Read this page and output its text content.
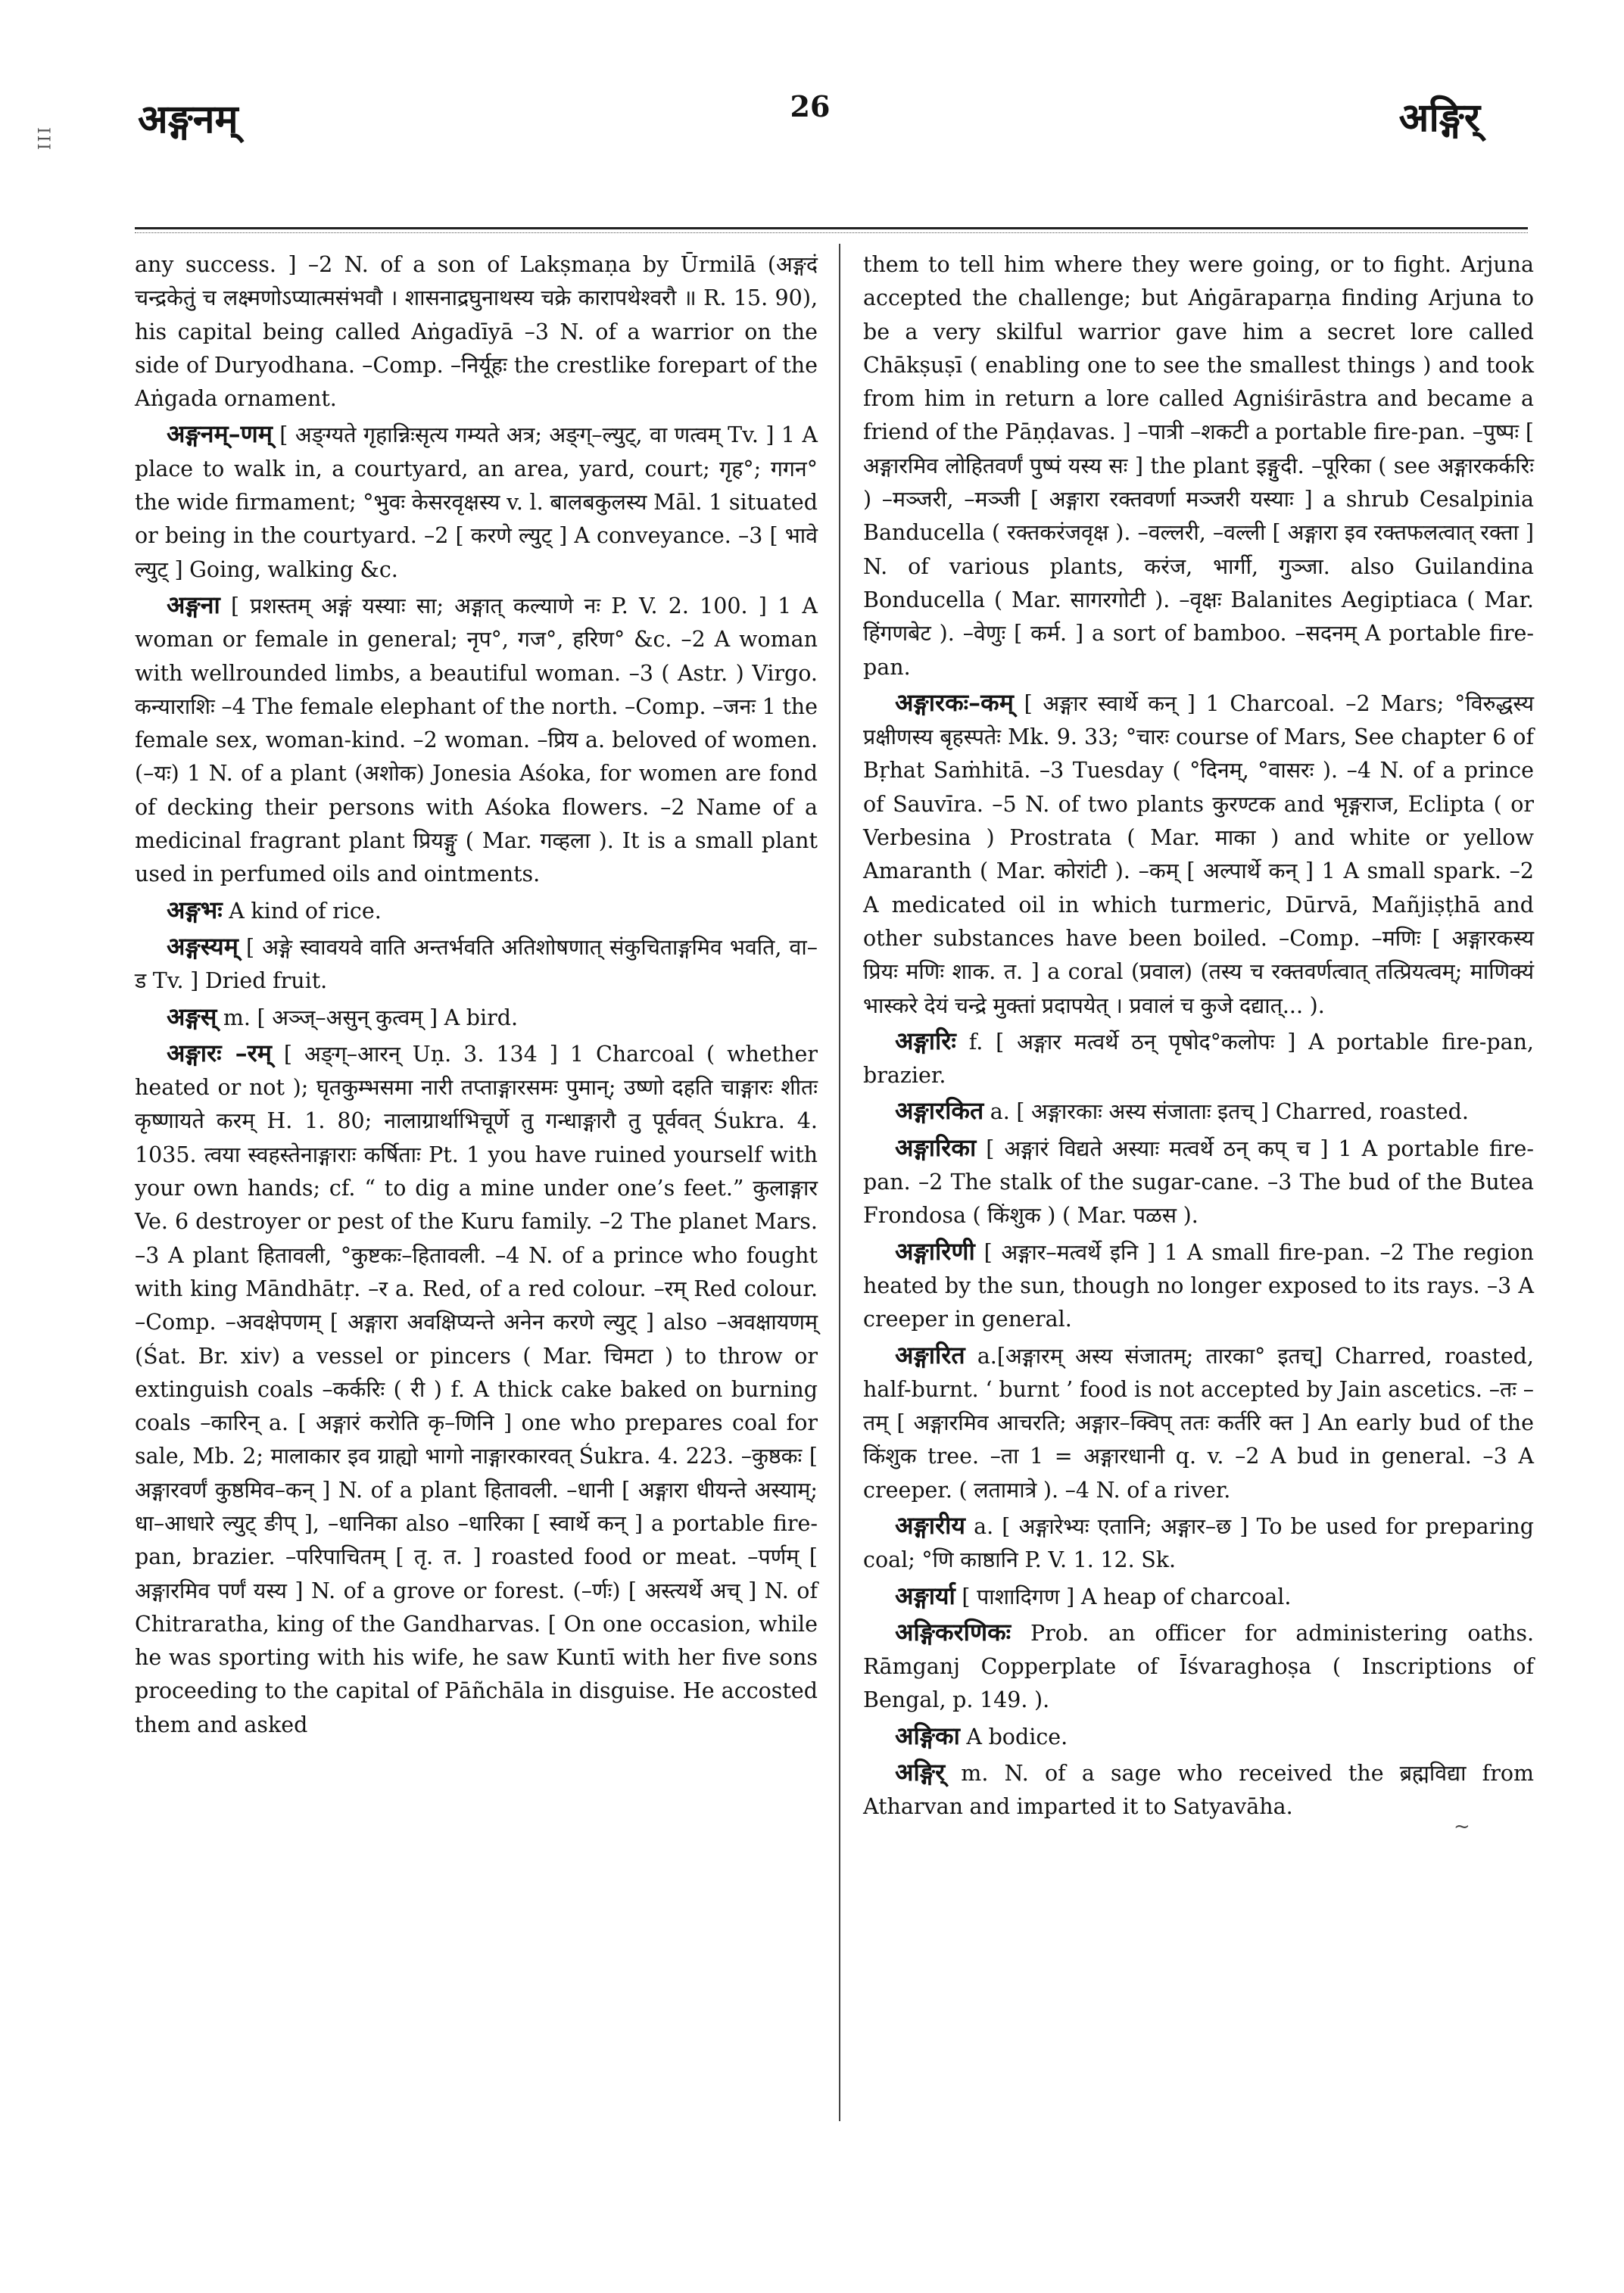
III अङ्गनम्	26	अङ्गिर्

any success. ] –2 N. of a son of Lakṣmaṇa by Ūrmilā (अङ्गदं चन्द्रकेतुं च लक्ष्मणोऽप्यात्मसंभवौ । शासनाद्रघुनाथस्य चक्रे कारापथेश्वरौ ॥ R. 15. 90), his capital being called Aṅgadīyā –3 N. of a warrior on the side of Duryodhana. –Comp. –निर्यूहः the crestlike forepart of the Aṅgada ornament.

अङ्गनम्–णम् [ अङ्ग्यते गृहान्निःसृत्य गम्यते अत्र; अङ्ग्–ल्युट्, वा णत्वम् Tv. ] 1 A place to walk in, a courtyard, an area, yard, court; गृह°; गगन° the wide firmament; °भुवः केसरवृक्षस्य v. l. बालबकुलस्य Māl. 1 situated or being in the courtyard. –2 [ करणे ल्युट् ] A conveyance. –3 [ भावे ल्युट् ] Going, walking &c.

अङ्गना [ प्रशस्तम् अङ्गं यस्याः सा; अङ्गात् कल्याणे नः P. V. 2. 100. ] 1 A woman or female in general; नृप°, गज°, हरिण° &c. –2 A woman with wellrounded limbs, a beautiful woman. –3 ( Astr. ) Virgo. कन्याराशिः –4 The female elephant of the north. –Comp. –जनः 1 the female sex, woman-kind. –2 woman. –प्रिय a. beloved of women. (–यः) 1 N. of a plant (अशोक) Jonesia Aśoka, for women are fond of decking their persons with Aśoka flowers. –2 Name of a medicinal fragrant plant प्रियङ्गु ( Mar. गव्हला ). It is a small plant used in perfumed oils and ointments.

अङ्गभः A kind of rice.

अङ्गस्यम् [ अङ्गे स्वावयवे वाति अन्तर्भवति अतिशोषणात् संकुचिताङ्गमिव भवति, वा–ड Tv. ] Dried fruit.

अङ्गस् m. [ अञ्ज्–असुन् कुत्वम् ] A bird.

अङ्गारः –रम् [ अङ्ग्–आरन् Uṇ. 3. 134 ] 1 Charcoal ( whether heated or not ); घृतकुम्भसमा नारी तप्ताङ्गारसमः पुमान्; उष्णो दहति चाङ्गारः शीतः कृष्णायते करम् H. 1. 80; नालाग्रार्थाभिचूर्णे तु गन्धाङ्गारौ तु पूर्ववत् Śukra. 4. 1035. त्वया स्वहस्तेनाङ्गाराः कर्षिताः Pt. 1 you have ruined yourself with your own hands; cf. “ to dig a mine under one’s feet.” कुलाङ्गार Ve. 6 destroyer or pest of the Kuru family. –2 The planet Mars. –3 A plant हितावली, °कुष्टकः–हितावली. –4 N. of a prince who fought with king Māndhātṛ. –र a. Red, of a red colour. –रम् Red colour. –Comp. –अवक्षेपणम् [ अङ्गारा अवक्षिप्यन्ते अनेन करणे ल्युट् ] also –अवक्षायणम् (Śat. Br. xiv) a vessel or pincers ( Mar. चिमटा ) to throw or extinguish coals –कर्करिः ( री ) f. A thick cake baked on burning coals –कारिन् a. [ अङ्गारं करोति कृ–णिनि ] one who prepares coal for sale, Mb. 2; मालाकार इव ग्राह्यो भागो नाङ्गारकारवत् Śukra. 4. 223. –कुष्ठकः [ अङ्गारवर्णं कुष्ठमिव–कन् ] N. of a plant हितावली. –धानी [ अङ्गारा धीयन्ते अस्याम्; धा–आधारे ल्युट् ङीप् ], –धानिका also –धारिका [ स्वार्थे कन् ] a portable fire-pan, brazier. –परिपाचितम् [ तृ. त. ] roasted food or meat. –पर्णम् [ अङ्गारमिव पर्णं यस्य ] N. of a grove or forest. (–र्णः) [ अस्त्यर्थे अच् ] N. of Chitraratha, king of the Gandharvas. [ On one occasion, while he was sporting with his wife, he saw Kuntī with her five sons proceeding to the capital of Pāñchāla in disguise. He accosted them and asked

them to tell him where they were going, or to fight. Arjuna accepted the challenge; but Aṅgāraparṇa finding Arjuna to be a very skilful warrior gave him a secret lore called Chākṣuṣī ( enabling one to see the smallest things ) and took from him in return a lore called Agniśirāstra and became a friend of the Pāṇḍavas. ] –पात्री –शकटी a portable fire-pan. –पुष्पः [ अङ्गारमिव लोहितवर्णं पुष्पं यस्य सः ] the plant इङ्गुदी. –पूरिका ( see अङ्गारकर्करिः ) –मञ्जरी, –मञ्जी [ अङ्गारा रक्तवर्णा मञ्जरी यस्याः ] a shrub Cesalpinia Banducella ( रक्तकरंजवृक्ष ). –वल्लरी, –वल्ली [ अङ्गारा इव रक्तफलत्वात् रक्ता ] N. of various plants, करंज, भार्गी, गुञ्जा. also Guilandina Bonducella ( Mar. सागरगोटी ). –वृक्षः Balanites Aegiptiaca ( Mar. हिंगणबेट ). –वेणुः [ कर्म. ] a sort of bamboo. –सदनम् A portable fire-pan.

अङ्गारकः–कम् [ अङ्गार स्वार्थे कन् ] 1 Charcoal. –2 Mars; °विरुद्धस्य प्रक्षीणस्य बृहस्पतेः Mk. 9. 33; °चारः course of Mars, See chapter 6 of Bṛhat Saṁhitā. –3 Tuesday ( °दिनम्, °वासरः ). –4 N. of a prince of Sauvīra. –5 N. of two plants कुरण्टक and भृङ्गराज, Eclipta ( or Verbesina ) Prostrata ( Mar. माका ) and white or yellow Amaranth ( Mar. कोरांटी ). –कम् [ अल्पार्थे कन् ] 1 A small spark. –2 A medicated oil in which turmeric, Dūrvā, Mañjiṣṭhā and other substances have been boiled. –Comp. –मणिः [ अङ्गारकस्य प्रियः मणिः शाक. त. ] a coral (प्रवाल) (तस्य च रक्तवर्णत्वात् तत्प्रियत्वम्; माणिक्यं भास्करे देयं चन्द्रे मुक्तां प्रदापयेत् । प्रवालं च कुजे दद्यात्... ).

अङ्गारिः f. [ अङ्गार मत्वर्थे ठन् पृषोद°कलोपः ] A portable fire-pan, brazier.

अङ्गारकित a. [ अङ्गारकाः अस्य संजाताः इतच् ] Charred, roasted.

अङ्गारिका [ अङ्गारं विद्यते अस्याः मत्वर्थे ठन् कप् च ] 1 A portable fire-pan. –2 The stalk of the sugar-cane. –3 The bud of the Butea Frondosa ( किंशुक ) ( Mar. पळस ).

अङ्गारिणी [ अङ्गार–मत्वर्थे इनि ] 1 A small fire-pan. –2 The region heated by the sun, though no longer exposed to its rays. –3 A creeper in general.

अङ्गारित a.[अङ्गारम् अस्य संजातम्; तारका° इतच्] Charred, roasted, half-burnt. ‘ burnt ’ food is not accepted by Jain ascetics. –तः –तम् [ अङ्गारमिव आचरति; अङ्गार–क्विप् ततः कर्तरि क्त ] An early bud of the किंशुक tree. –ता 1 = अङ्गारधानी q. v. –2 A bud in general. –3 A creeper. ( लतामात्रे ). –4 N. of a river.

अङ्गारीय a. [ अङ्गारेभ्यः एतानि; अङ्गार–छ ] To be used for preparing coal; °णि काष्ठानि P. V. 1. 12. Sk.

अङ्गार्या [ पाशादिगण ] A heap of charcoal.

अङ्गिकरणिकः Prob. an officer for administering oaths. Rāmganj Copperplate of Īśvaraghoṣa ( Inscriptions of Bengal, p. 149. ).

अङ्गिका A bodice.

अङ्गिर् m. N. of a sage who received the ब्रह्मविद्या from Atharvan and imparted it to Satyavāha.

~
